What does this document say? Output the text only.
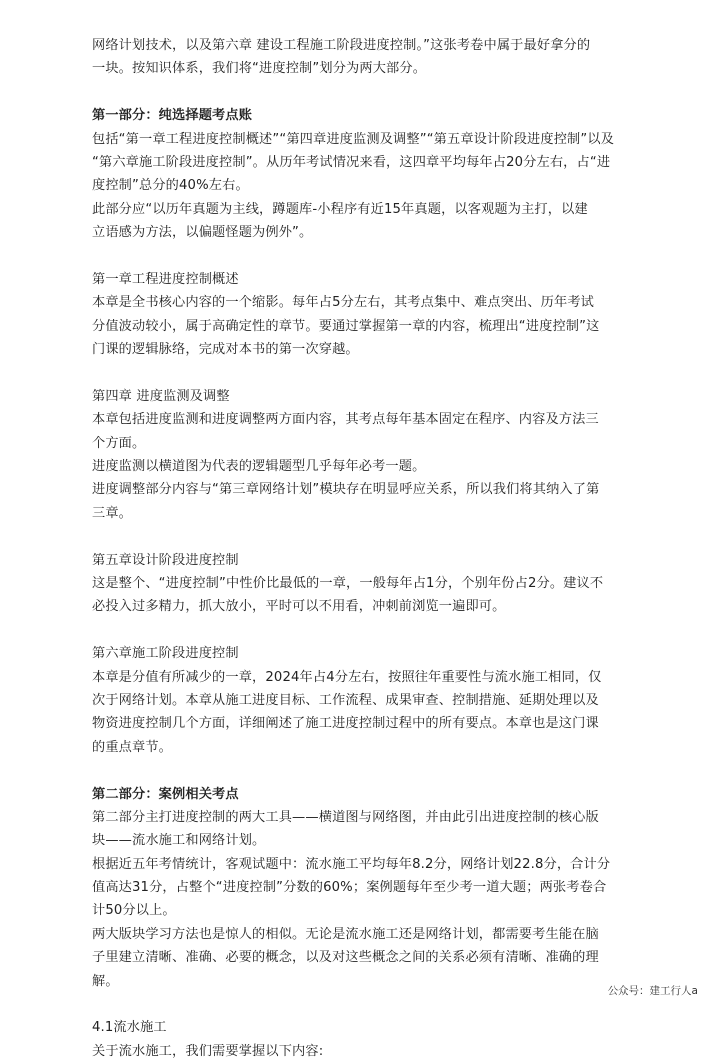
网络计划技术，以及第六章 建设工程施工阶段进度控制。”这张考卷中属于最好拿分的
一块。按知识体系，我们将“进度控制”划分为两大部分。
第一部分：纯选择题考点账
包括“第一章工程进度控制概述”“第四章进度监测及调整”“第五章设计阶段进度控制”以及
“第六章施工阶段进度控制”。从历年考试情况来看，这四章平均每年占20分左右，占“进
度控制”总分的40%左右。
此部分应“以历年真题为主线，蹲题库-小程序有近15年真题，以客观题为主打，以建
立语感为方法，以偏题怪题为例外”。
第一章工程进度控制概述
本章是全书核心内容的一个缩影。每年占5分左右，其考点集中、难点突出、历年考试
分值波动较小，属于高确定性的章节。要通过掌握第一章的内容，梳理出“进度控制”这
门课的逻辑脉络，完成对本书的第一次穿越。
第四章 进度监测及调整
本章包括进度监测和进度调整两方面内容，其考点每年基本固定在程序、内容及方法三
个方面。
进度监测以横道图为代表的逻辑题型几乎每年必考一题。
进度调整部分内容与“第三章网络计划”模块存在明显呼应关系，所以我们将其纳入了第
三章。
第五章设计阶段进度控制
这是整个、“进度控制”中性价比最低的一章，一般每年占1分，个别年份占2分。建议不
必投入过多精力，抓大放小，平时可以不用看，冲刺前浏览一遍即可。
第六章施工阶段进度控制
本章是分值有所减少的一章，2024年占4分左右，按照往年重要性与流水施工相同，仅
次于网络计划。本章从施工进度目标、工作流程、成果审查、控制措施、延期处理以及
物资进度控制几个方面，详细阐述了施工进度控制过程中的所有要点。本章也是这门课
的重点章节。
第二部分：案例相关考点
第二部分主打进度控制的两大工具——横道图与网络图，并由此引出进度控制的核心版
块——流水施工和网络计划。
根据近五年考情统计，客观试题中：流水施工平均每年8.2分，网络计划22.8分，合计分
值高达31分，占整个“进度控制”分数的60%；案例题每年至少考一道大题；两张考卷合
计50分以上。
两大版块学习方法也是惊人的相似。无论是流水施工还是网络计划，都需要考生能在脑
子里建立清晰、准确、必要的概念，以及对这些概念之间的关系必须有清晰、准确的理
解。
4.1流水施工
关于流水施工，我们需要掌握以下内容:
公众号：建工行人a
